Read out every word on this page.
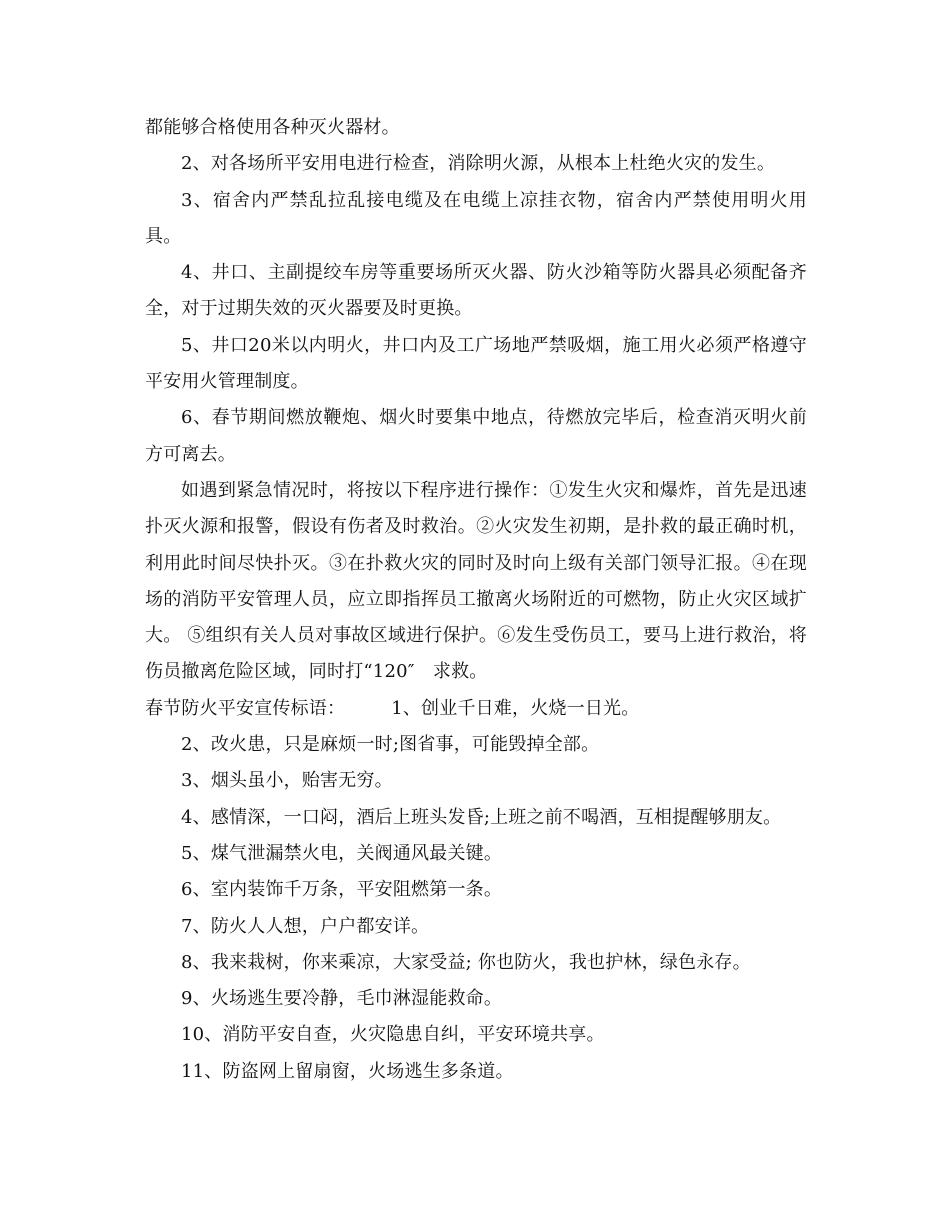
都能够合格使用各种灭火器材。

2、对各场所平安用电进行检查，消除明火源，从根本上杜绝火灾的发生。

3、宿舍内严禁乱拉乱接电缆及在电缆上凉挂衣物，宿舍内严禁使用明火用具。

4、井口、主副提绞车房等重要场所灭火器、防火沙箱等防火器具必须配备齐全，对于过期失效的灭火器要及时更换。

5、井口20米以内明火，井口内及工广场地严禁吸烟，施工用火必须严格遵守平安用火管理制度。

6、春节期间燃放鞭炮、烟火时要集中地点，待燃放完毕后，检查消灭明火前方可离去。

如遇到紧急情况时，将按以下程序进行操作：①发生火灾和爆炸，首先是迅速扑灭火源和报警，假设有伤者及时救治。②火灾发生初期，是扑救的最正确时机，利用此时间尽快扑灭。③在扑救火灾的同时及时向上级有关部门领导汇报。④在现场的消防平安管理人员，应立即指挥员工撤离火场附近的可燃物，防止火灾区域扩大。 ⑤组织有关人员对事故区域进行保护。⑥发生受伤员工，要马上进行救治，将伤员撤离危险区域，同时打“120″　求救。

春节防火平安宣传标语：	1、创业千日难，火烧一日光。

2、改火患，只是麻烦一时;图省事，可能毁掉全部。

3、烟头虽小，贻害无穷。

4、感情深，一口闷，酒后上班头发昏;上班之前不喝酒，互相提醒够朋友。

5、煤气泄漏禁火电，关阀通风最关键。

6、室内装饰千万条，平安阻燃第一条。

7、防火人人想，户户都安详。

8、我来栽树，你来乘凉，大家受益; 你也防火，我也护林，绿色永存。

9、火场逃生要冷静，毛巾淋湿能救命。

10、消防平安自查，火灾隐患自纠，平安环境共享。

11、防盗网上留扇窗，火场逃生多条道。
